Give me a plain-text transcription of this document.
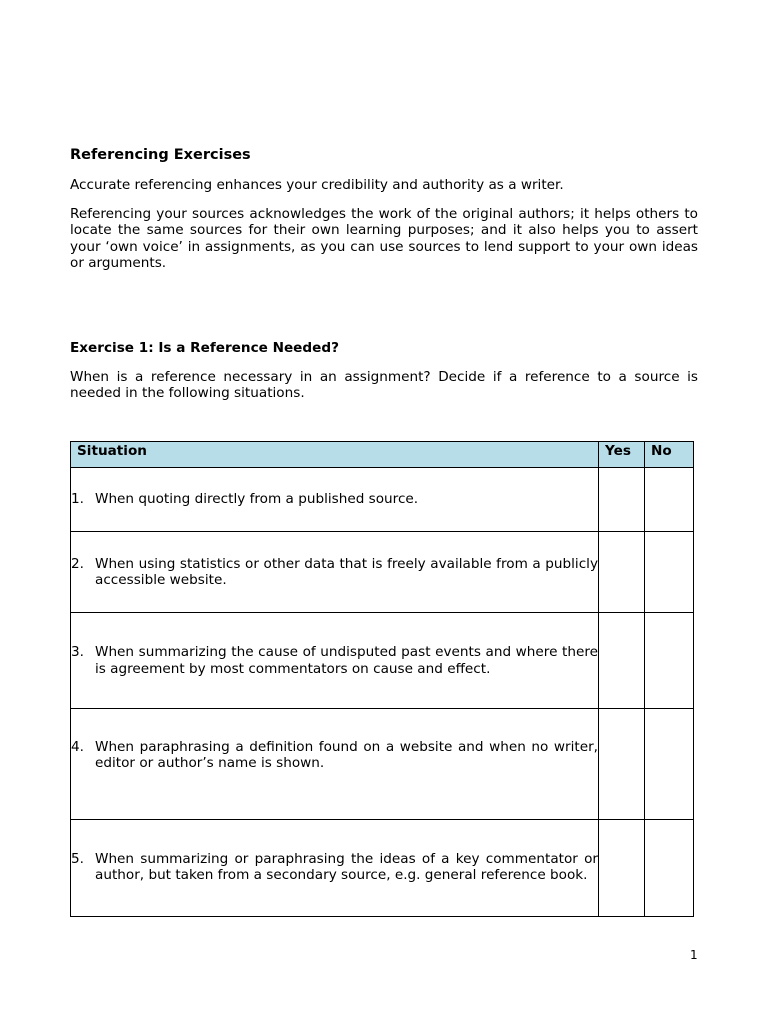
Referencing Exercises

Accurate referencing enhances your credibility and authority as a writer.

Referencing your sources acknowledges the work of the original authors; it helps others to locate the same sources for their own learning purposes; and it also helps you to assert your ‘own voice’ in assignments, as you can use sources to lend support to your own ideas or arguments.

Exercise 1: Is a Reference Needed?

When is a reference necessary in an assignment? Decide if a reference to a source is needed in the following situations.

Situation	Yes	No

1. When quoting directly from a published source.		

2. When using statistics or other data that is freely available from a publicly accessible website.		

3. When summarizing the cause of undisputed past events and where there is agreement by most commentators on cause and effect.		

4. When paraphrasing a definition found on a website and when no writer, editor or author’s name is shown.		

5. When summarizing or paraphrasing the ideas of a key commentator or author, but taken from a secondary source, e.g. general reference book.		

1
